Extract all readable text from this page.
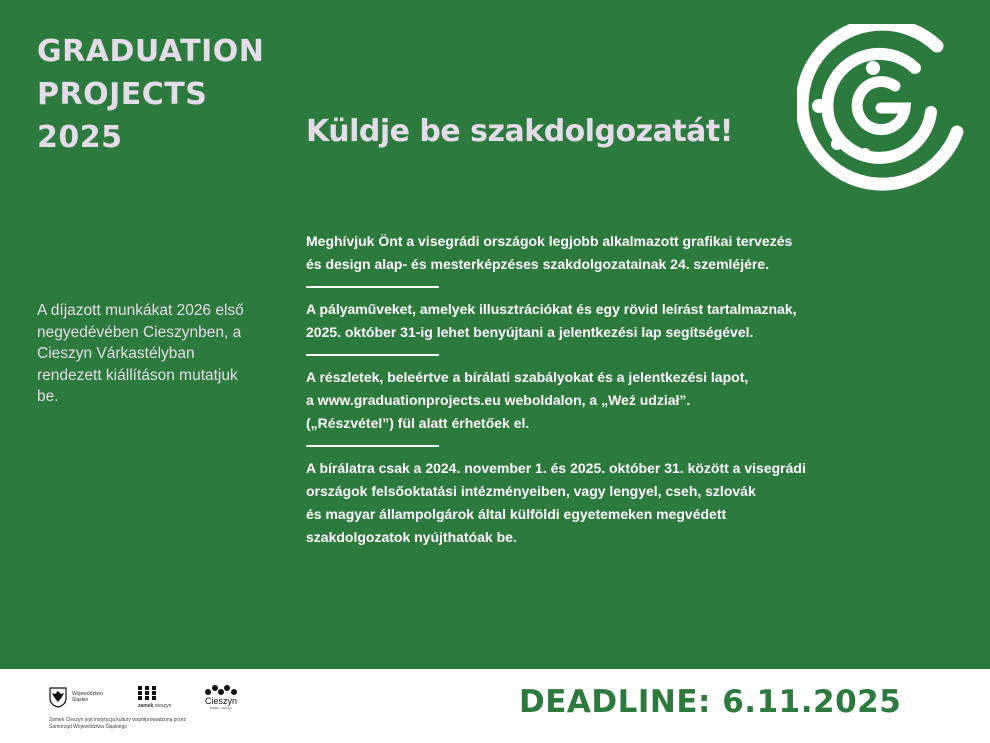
GRADUATION
PROJECTS
2025	Küldje be szakdolgozatát!
A díjazott munkákat 2026 első negyedévében Cieszynben, a Cieszyn Várkastélyban rendezett kiállításon mutatjuk be.
Meghívjuk Önt a visegrádi országok legjobb alkalmazott grafikai tervezés
és design alap- és mesterképzéses szakdolgozatainak 24. szemléjére.
A pályaműveket, amelyek illusztrációkat és egy rövid leírást tartalmaznak,
2025. október 31-ig lehet benyújtani a jelentkezési lap segítségével.
A részletek, beleértve a bírálati szabályokat és a jelentkezési lapot,
a www.graduationprojects.eu weboldalon, a „Weź udział”.
(„Részvétel”) fül alatt érhetőek el.
A bírálatra csak a 2024. november 1. és 2025. október 31. között a visegrádi
országok felsőoktatási intézményeiben, vagy lengyel, cseh, szlovák
és magyar állampolgárok által külföldi egyetemeken megvédett
szakdolgozatok nyújthatóak be.
Województwo Śląskie
zamek cieszyn	Cieszyn
Polska · Cieszyn
Zamek Cieszyn jest instytucją kultury współprowadzoną przez Samorząd Województwa Śląskiego
DEADLINE: 6.11.2025
